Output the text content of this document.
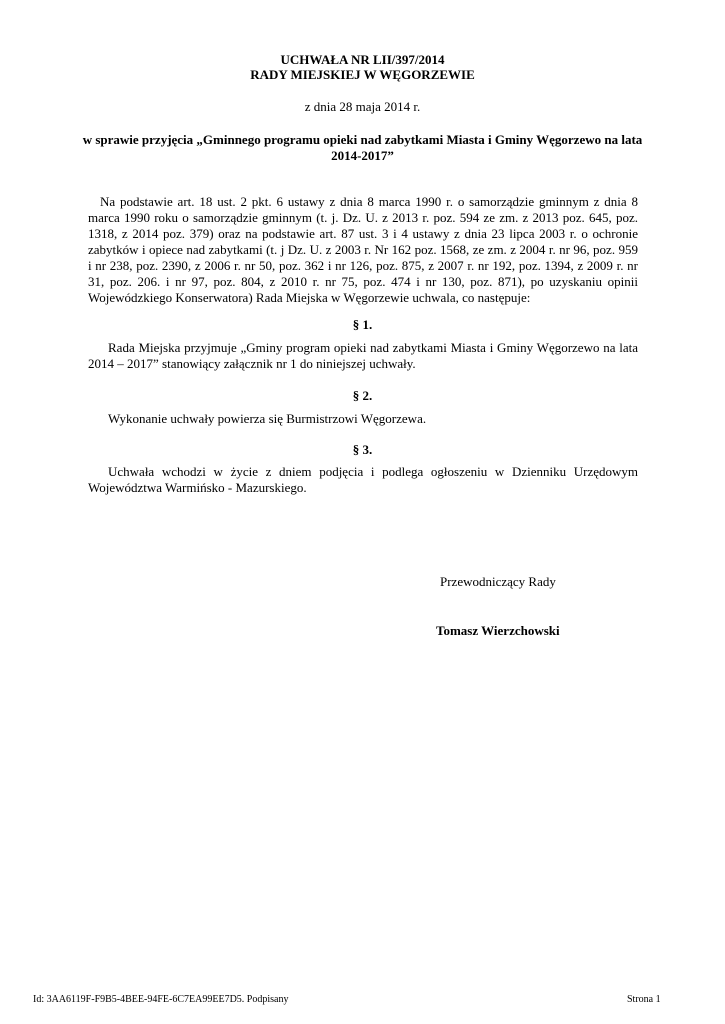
UCHWAŁA NR LII/397/2014
RADY MIEJSKIEJ W WĘGORZEWIE
z dnia 28 maja 2014 r.
w sprawie przyjęcia „Gminnego programu opieki nad zabytkami Miasta i Gminy Węgorzewo na lata 2014-2017”
Na podstawie art. 18 ust. 2 pkt. 6 ustawy z dnia 8 marca 1990 r. o samorządzie gminnym z dnia 8 marca 1990 roku o samorządzie gminnym (t. j. Dz. U. z 2013 r. poz. 594 ze zm. z 2013 poz. 645, poz. 1318, z 2014 poz. 379) oraz na podstawie art. 87 ust. 3 i 4 ustawy z dnia 23 lipca 2003 r. o ochronie zabytków i opiece nad zabytkami (t. j Dz. U. z 2003 r. Nr 162 poz. 1568, ze zm. z 2004 r. nr 96, poz. 959 i nr 238, poz. 2390, z 2006 r. nr 50, poz. 362 i nr 126, poz. 875, z 2007 r. nr 192, poz. 1394, z 2009 r. nr 31, poz. 206. i nr 97, poz. 804, z 2010 r. nr 75, poz. 474 i nr 130, poz. 871), po uzyskaniu opinii Wojewódzkiego Konserwatora) Rada Miejska w Węgorzewie uchwala, co następuje:
§ 1.
Rada Miejska przyjmuje „Gminy program opieki nad zabytkami Miasta i Gminy Węgorzewo na lata 2014 – 2017” stanowiący załącznik nr 1 do niniejszej uchwały.
§ 2.
Wykonanie uchwały powierza się Burmistrzowi Węgorzewa.
§ 3.
Uchwała wchodzi w życie z dniem podjęcia i podlega ogłoszeniu w Dzienniku Urzędowym Województwa Warmińsko - Mazurskiego.
Przewodniczący Rady
Tomasz Wierzchowski
Id: 3AA6119F-F9B5-4BEE-94FE-6C7EA99EE7D5. Podpisany	Strona 1
